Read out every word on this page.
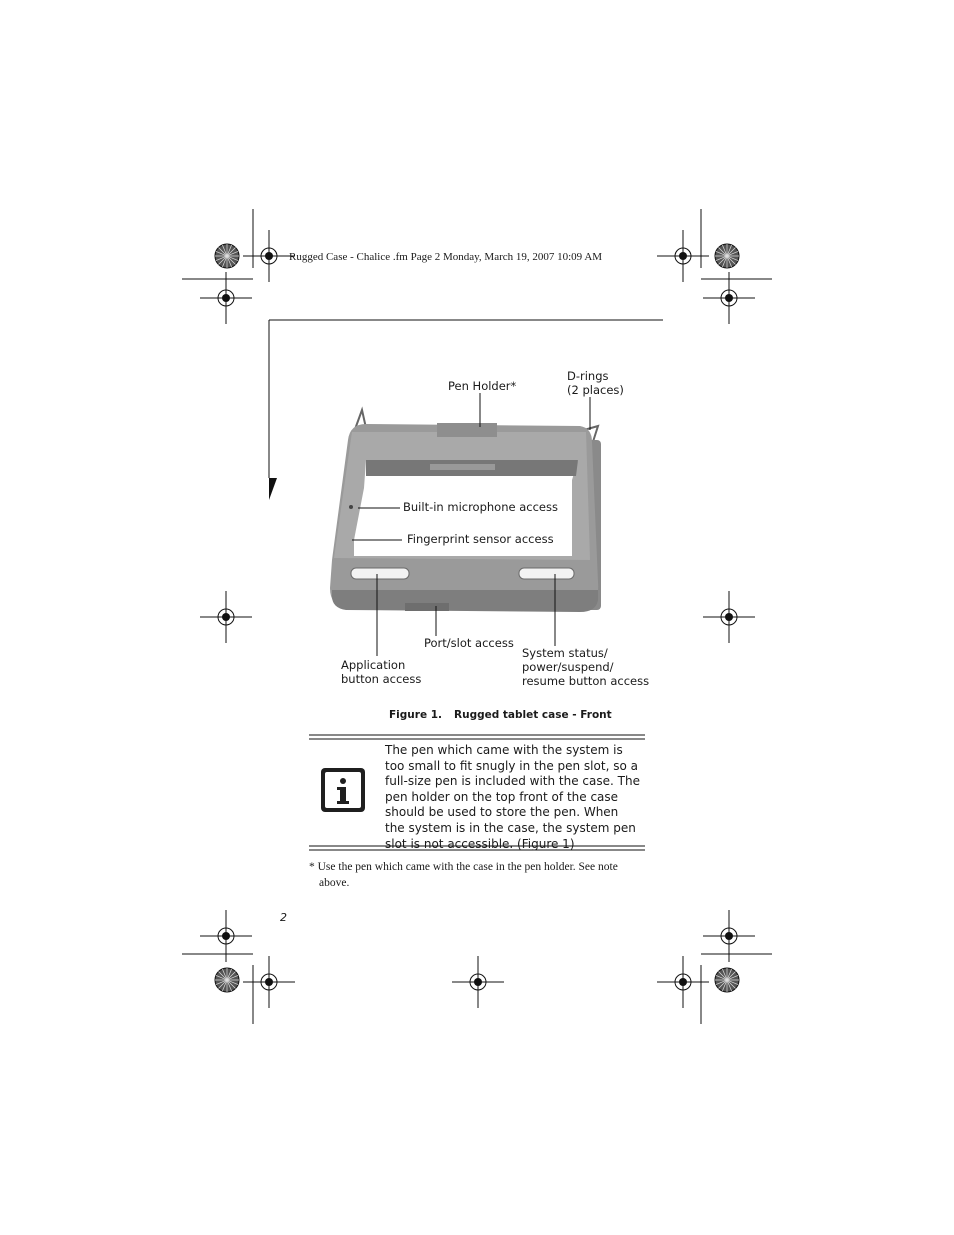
Rugged Case - Chalice .fm Page 2 Monday, March 19, 2007 10:09 AM
Pen Holder*
D-rings
(2 places)
Built-in microphone access
Fingerprint sensor access
Port/slot access
Application
button access
System status/
power/suspend/
resume button access
Figure 1. Rugged tablet case - Front
The pen which came with the system is too small to fit snugly in the pen slot, so a full-size pen is included with the case. The pen holder on the top front of the case should be used to store the pen. When the system is in the case, the system pen slot is not accessible. (Figure 1)
* Use the pen which came with the case in the pen holder. See note
above.
2
